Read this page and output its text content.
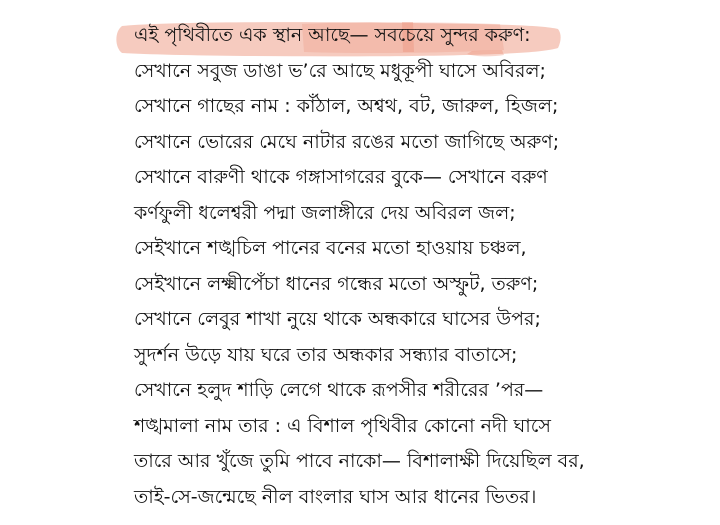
এই পৃথিবীতে এক স্থান আছে— সবচেয়ে সুন্দর করুণ:
সেখানে সবুজ ডাঙা ভ’রে আছে মধুকূপী ঘাসে অবিরল;
সেখানে গাছের নাম : কাঁঠাল, অশ্বথ, বট, জারুল, হিজল;
সেখানে ভোরের মেঘে নাটার রঙের মতো জাগিছে অরুণ;
সেখানে বারুণী থাকে গঙ্গাসাগরের বুকে— সেখানে বরুণ
কর্ণফুলী ধলেশ্বরী পদ্মা জলাঙ্গীরে দেয় অবিরল জল;
সেইখানে শঙ্খচিল পানের বনের মতো হাওয়ায় চঞ্চল,
সেইখানে লক্ষ্মীপেঁচা ধানের গন্ধের মতো অস্ফুট, তরুণ;
সেখানে লেবুর শাখা নুয়ে থাকে অন্ধকারে ঘাসের উপর;
সুদর্শন উড়ে যায় ঘরে তার অন্ধকার সন্ধ্যার বাতাসে;
সেখানে হলুদ শাড়ি লেগে থাকে রূপসীর শরীরের ’পর—
শঙ্খমালা নাম তার : এ বিশাল পৃথিবীর কোনো নদী ঘাসে
তারে আর খুঁজে তুমি পাবে নাকো— বিশালাক্ষী দিয়েছিল বর,
তাই-সে-জন্মেছে নীল বাংলার ঘাস আর ধানের ভিতর।
